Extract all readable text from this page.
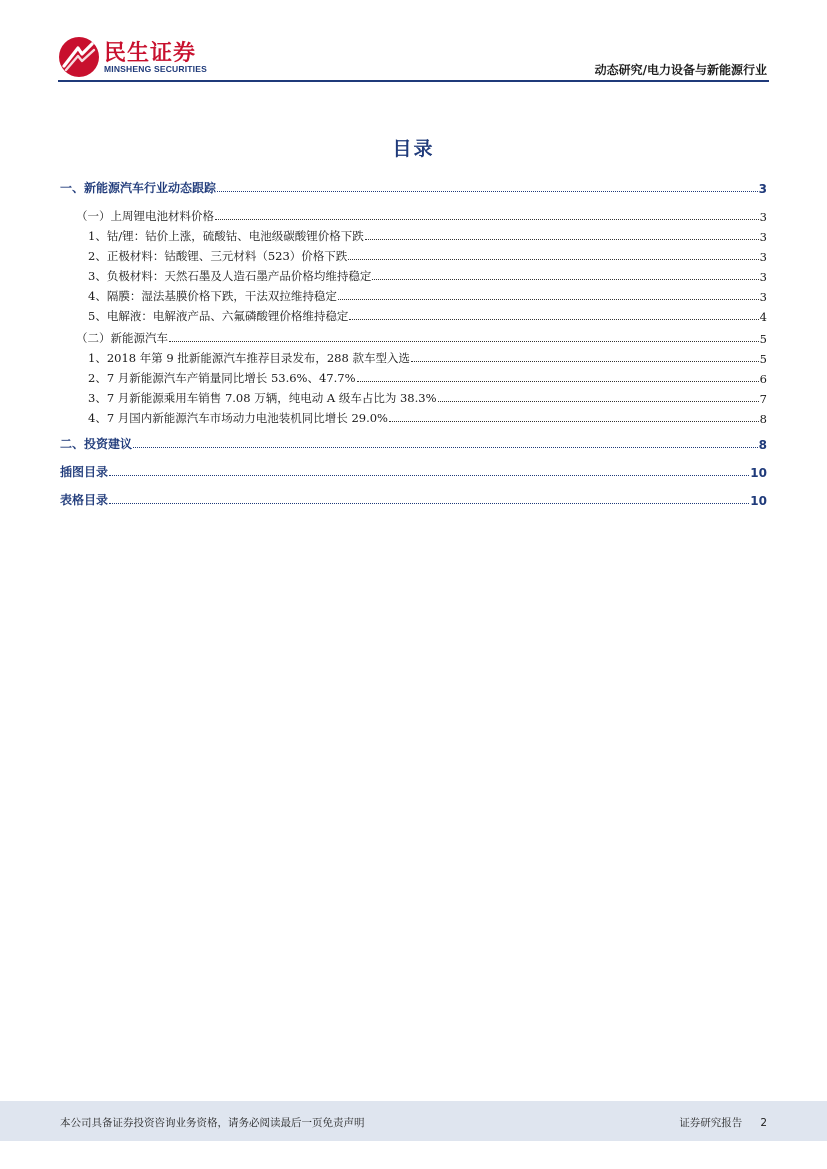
民生证券
MINSHENG SECURITIES	动态研究/电力设备与新能源行业
目录
一、新能源汽车行业动态跟踪	3
（一）上周锂电池材料价格	3
1、钴/锂：钴价上涨，硫酸钴、电池级碳酸锂价格下跌	3
2、正极材料：钴酸锂、三元材料（523）价格下跌	3
3、负极材料：天然石墨及人造石墨产品价格均维持稳定	3
4、隔膜：湿法基膜价格下跌，干法双拉维持稳定	3
5、电解液：电解液产品、六氟磷酸锂价格维持稳定	4
（二）新能源汽车	5
1、2018 年第 9 批新能源汽车推荐目录发布，288 款车型入选	5
2、7 月新能源汽车产销量同比增长 53.6%、47.7%	6
3、7 月新能源乘用车销售 7.08 万辆，纯电动 A 级车占比为 38.3%	7
4、7 月国内新能源汽车市场动力电池装机同比增长 29.0%	8
二、投资建议	8
插图目录	10
表格目录	10
本公司具备证券投资咨询业务资格，请务必阅读最后一页免责声明	证券研究报告 2
